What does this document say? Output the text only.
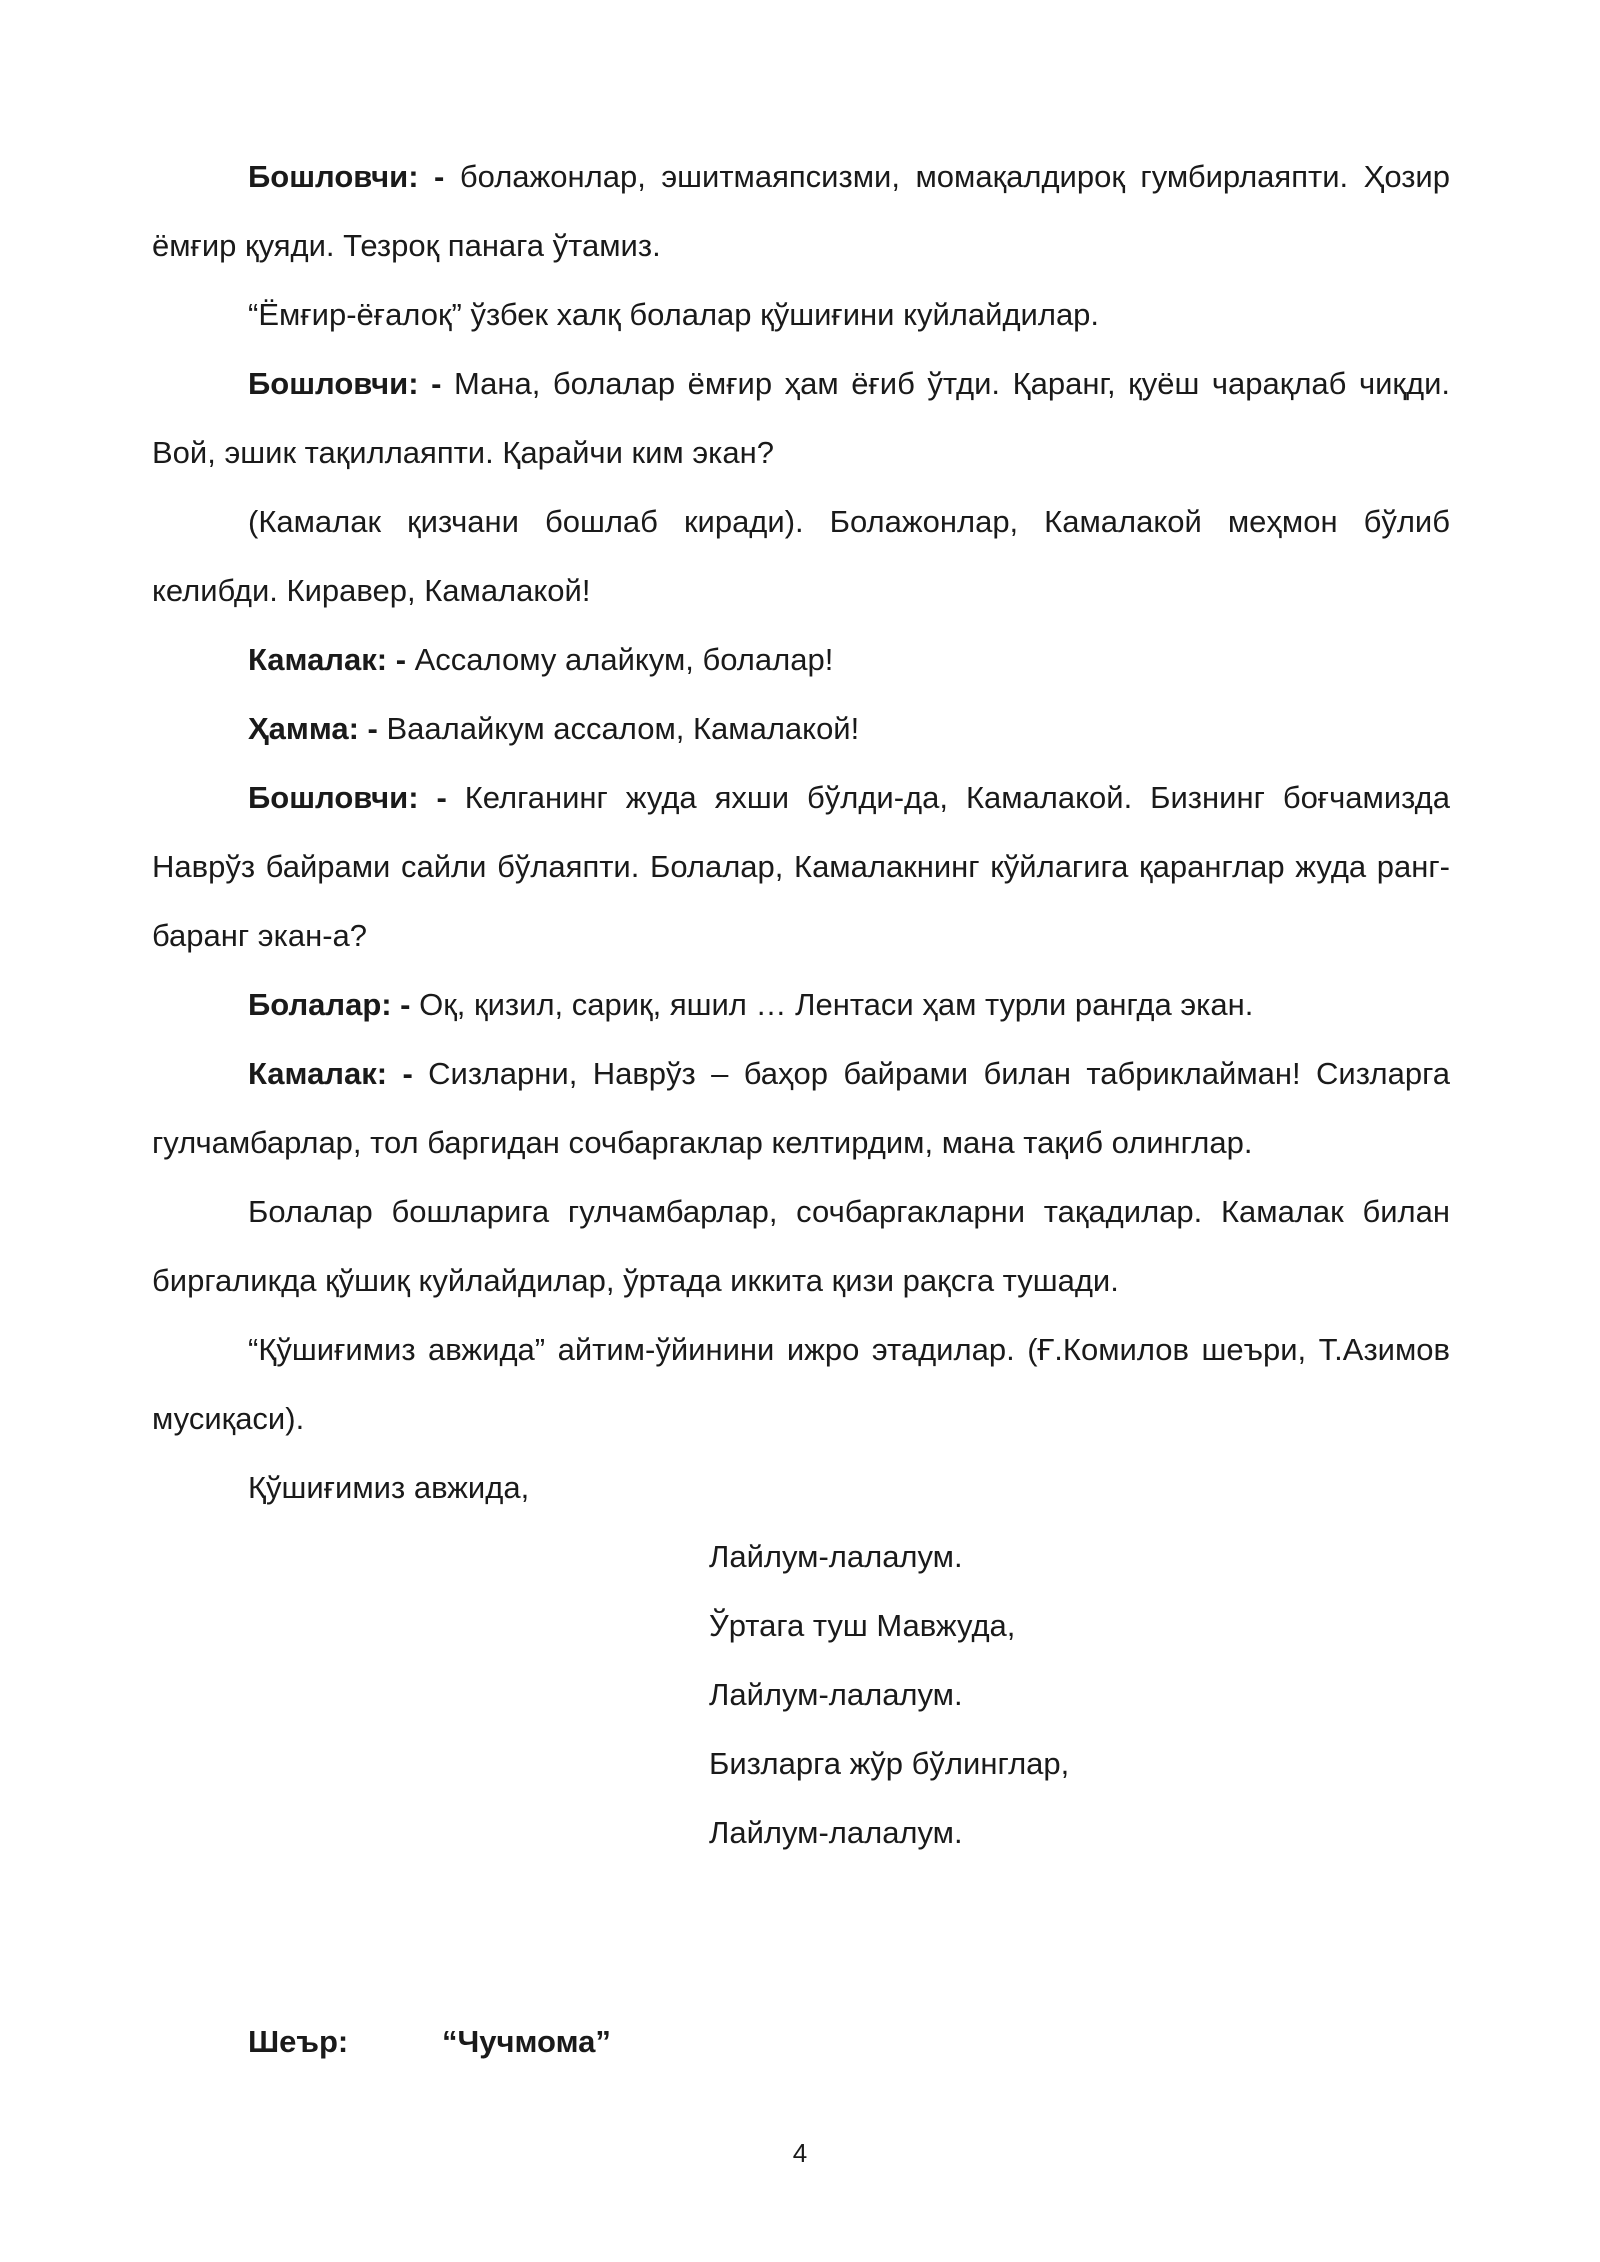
Бошловчи: - болажонлар, эшитмаяпсизми, момақалдироқ гумбирлаяпти. Ҳозир ёмғир қуяди. Тезроқ панага ўтамиз.

“Ёмғир-ёғалоқ” ўзбек халқ болалар қўшиғини куйлайдилар.

Бошловчи: - Мана, болалар ёмғир ҳам ёғиб ўтди. Қаранг, қуёш чарақлаб чиқди. Вой, эшик тақиллаяпти. Қарайчи ким экан?

(Камалак қизчани бошлаб киради). Болажонлар, Камалакой меҳмон бўлиб келибди. Киравер, Камалакой!

Камалак: - Ассалому алайкум, болалар!

Ҳамма: - Ваалайкум ассалом, Камалакой!

Бошловчи: - Келганинг жуда яхши бўлди-да, Камалакой. Бизнинг боғчамизда Наврўз байрами сайли бўлаяпти. Болалар, Камалакнинг кўйлагига қаранглар жуда ранг-баранг экан-а?

Болалар: - Оқ, қизил, сариқ, яшил … Лентаси ҳам турли рангда экан.

Камалак: - Сизларни, Наврўз – баҳор байрами билан табриклайман! Сизларга гулчамбарлар, тол баргидан сочбаргаклар келтирдим, мана тақиб олинглар.

Болалар бошларига гулчамбарлар, сочбаргакларни тақадилар. Камалак билан биргаликда қўшиқ куйлайдилар, ўртада иккита қизи рақсга тушади.

“Қўшиғимиз авжида” айтим-ўйинини ижро этадилар. (Ғ.Комилов шеъри, Т.Азимов мусиқаси).

Қўшиғимиз авжида,

Лайлум-лалалум.
Ўртага туш Мавжуда,
Лайлум-лалалум.
Бизларга жўр бўлинглар,
Лайлум-лалалум.

Шеър:	“Чучмома”

4
